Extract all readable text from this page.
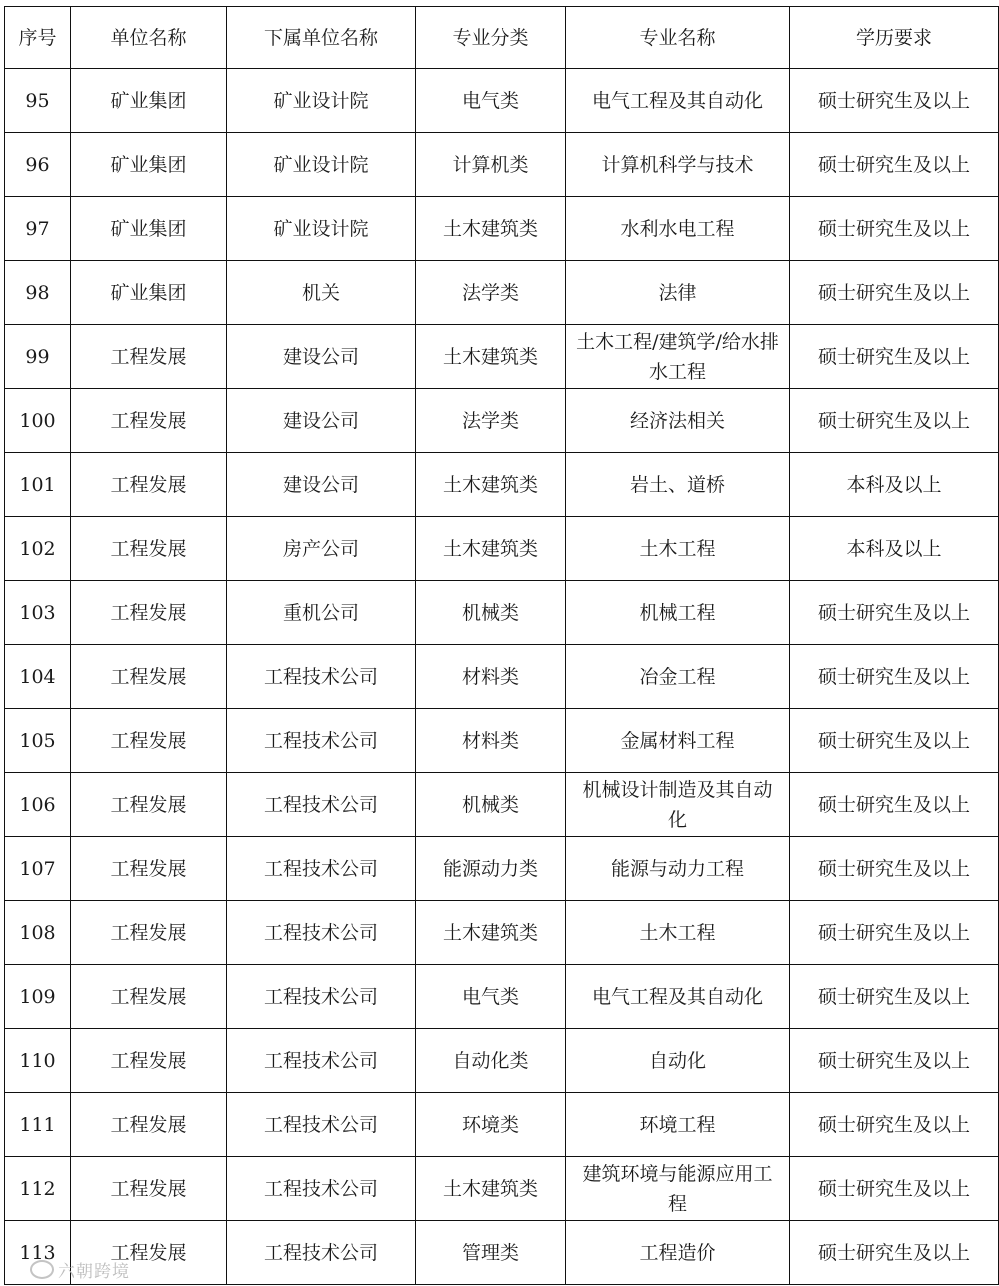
序号	单位名称	下属单位名称	专业分类	专业名称	学历要求
95	矿业集团	矿业设计院	电气类	电气工程及其自动化	硕士研究生及以上
96	矿业集团	矿业设计院	计算机类	计算机科学与技术	硕士研究生及以上
97	矿业集团	矿业设计院	土木建筑类	水利水电工程	硕士研究生及以上
98	矿业集团	机关	法学类	法律	硕士研究生及以上
99	工程发展	建设公司	土木建筑类	土木工程/建筑学/给水排水工程	硕士研究生及以上
100	工程发展	建设公司	法学类	经济法相关	硕士研究生及以上
101	工程发展	建设公司	土木建筑类	岩土、道桥	本科及以上
102	工程发展	房产公司	土木建筑类	土木工程	本科及以上
103	工程发展	重机公司	机械类	机械工程	硕士研究生及以上
104	工程发展	工程技术公司	材料类	冶金工程	硕士研究生及以上
105	工程发展	工程技术公司	材料类	金属材料工程	硕士研究生及以上
106	工程发展	工程技术公司	机械类	机械设计制造及其自动化	硕士研究生及以上
107	工程发展	工程技术公司	能源动力类	能源与动力工程	硕士研究生及以上
108	工程发展	工程技术公司	土木建筑类	土木工程	硕士研究生及以上
109	工程发展	工程技术公司	电气类	电气工程及其自动化	硕士研究生及以上
110	工程发展	工程技术公司	自动化类	自动化	硕士研究生及以上
111	工程发展	工程技术公司	环境类	环境工程	硕士研究生及以上
112	工程发展	工程技术公司	土木建筑类	建筑环境与能源应用工程	硕士研究生及以上
113	工程发展	工程技术公司	管理类	工程造价	硕士研究生及以上
六朝跨境
